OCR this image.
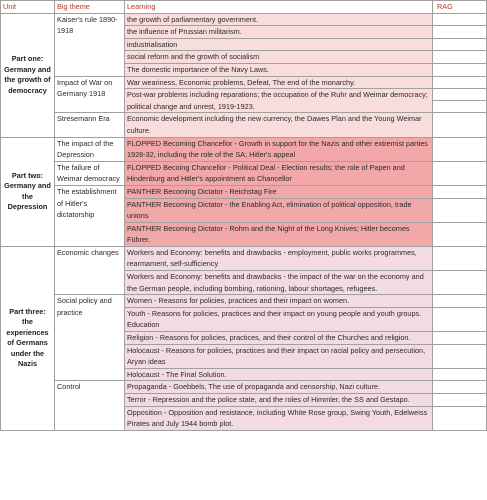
Unit	Big theme	Learning	RAG
Part one: Germany and the growth of democracy	Kaiser's rule 1890-1918	the growth of parliamentary government.	
		the influence of Prussian militarism.	
		industrialisation	
		social reform and the growth of socialism	
		The domestic importance of the Navy Laws.	
	Impact of War on Germany 1918	War weariness, Economic problems, Defeat, The end of the monarchy.	
		Post-war problems including reparations; the occupation of the Ruhr and Weimar democracy; political change and unrest, 1919-1923.	

	Stresemann Era	Economic development including the new currency, the Dawes Plan and the Young Weimar culture.	
Part two: Germany and the Depression	The impact of the Depression	FLOPPED Becoming Chancellor - Growth in support for the Nazis and other extremist parties 1928-32, including the role of the SA; Hitler's appeal	
	The failure of Weimar democracy	FLOPPED Becoing Chancellor - Political Deal - Election results; the role of Papen and Hindenburg and Hitler's appointment as Chancellor	
	The establishment of Hitler's dictatorship	PANTHER Becoming Dictator - Reichstag Fire	
		PANTHER Becoming Dictator - the Enabling Act, elimination of political opposition, trade unions	
		PANTHER Becoming Dictator - Rohm and the Night of the Long Knives; Hitler becomes Führer.	
Part three: the experiences of Germans under the Nazis	Economic changes	Workers and Economy: benefits and drawbacks - employment, public works programmes, rearmament, self-sufficiency	
		Workers and Economy: benefits and drawbacks - the impact of the war on the economy and the German people, including bombing, rationing, labour shortages, refugees.	
	Social policy and practice	Women - Reasons for policies, practices and their impact on women.	
		Youth - Reasons for policies, practices and their impact on young people and youth groups. Education	
		Religion - Reasons for policies, practices, and their control of the Churches and religion.	
		Holocaust - Reasons for policies, practices and their impact on racial policy and persecution, Aryan ideas	
		Holocaust - The Final Solution.	
	Control	Propaganda - Goebbels, The use of propaganda and censorship, Nazi culture.	
		Terror - Repression and the police state, and the roles of Himmler, the SS and Gestapo.	
		Opposition - Opposition and resistance, including White Rose group, Swing Youth, Edelweiss Pirates and July 1944 bomb plot.	
